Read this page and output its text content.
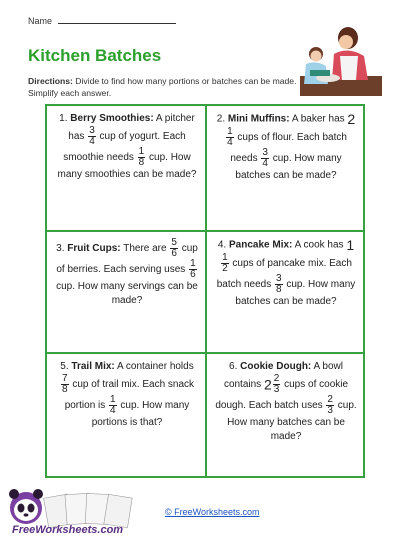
Name
Kitchen Batches
Directions: Divide to find how many portions or batches can be made. Simplify each answer.
1. Berry Smoothies: A pitcher has $\frac{3}{4}$ cup of yogurt. Each smoothie needs $\frac{1}{8}$ cup. How many smoothies can be made?
2. Mini Muffins: A baker has 2
$\frac{1}{4}$ cups of flour. Each batch needs $\frac{3}{4}$ cup. How many batches can be made?
3. Fruit Cups: There are $\frac{5}{6}$ cup of berries. Each serving uses $\frac{1}{6}$
cup. How many servings can be made?
4. Pancake Mix: A cook has 1
$\frac{1}{2}$ cups of pancake mix. Each batch needs $\frac{3}{8}$ cup. How many batches can be made?
5. Trail Mix: A container holds
$\frac{7}{8}$ cup of trail mix. Each snack portion is $\frac{1}{4}$ cup. How many portions is that?
6. Cookie Dough: A bowl contains $2 \frac{2}{3}$ cups of cookie dough. Each batch uses $\frac{2}{3}$ cup. How many batches can be made?
FreeWorksheets.com
© FreeWorksheets.com
